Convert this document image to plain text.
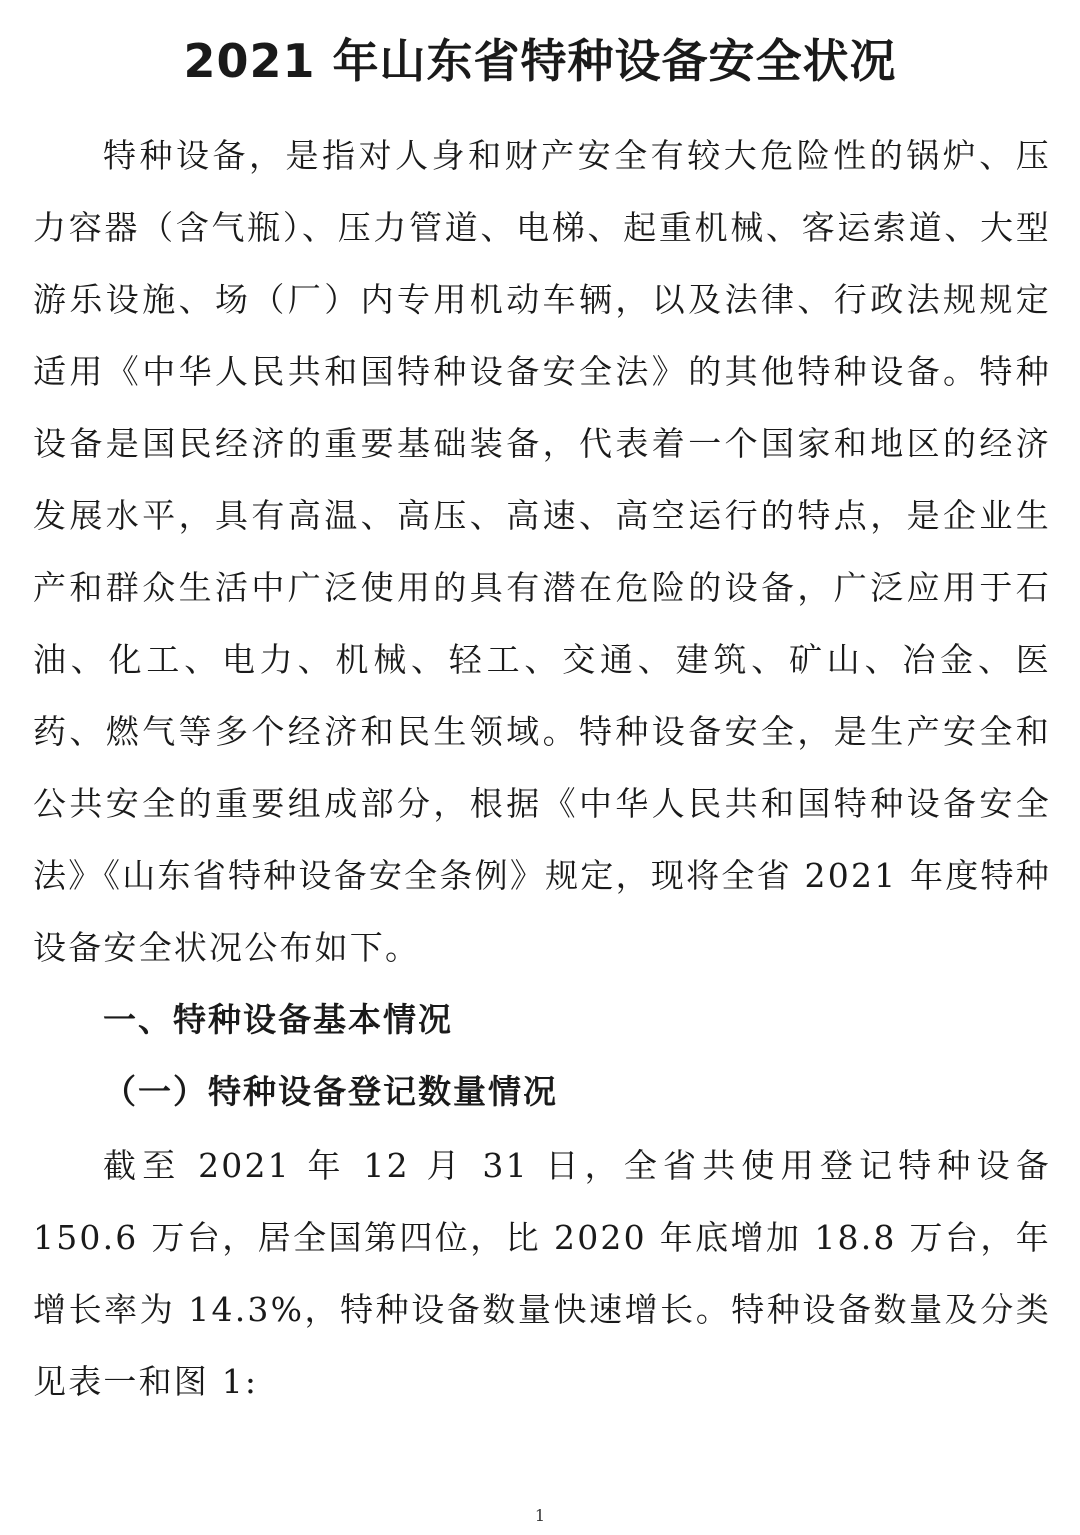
2021 年山东省特种设备安全状况

特种设备，是指对人身和财产安全有较大危险性的锅炉、压力容器（含气瓶）、压力管道、电梯、起重机械、客运索道、大型游乐设施、场（厂）内专用机动车辆，以及法律、行政法规规定适用《中华人民共和国特种设备安全法》的其他特种设备。特种设备是国民经济的重要基础装备，代表着一个国家和地区的经济发展水平，具有高温、高压、高速、高空运行的特点，是企业生产和群众生活中广泛使用的具有潜在危险的设备，广泛应用于石油、化工、电力、机械、轻工、交通、建筑、矿山、冶金、医药、燃气等多个经济和民生领域。特种设备安全，是生产安全和公共安全的重要组成部分，根据《中华人民共和国特种设备安全法》《山东省特种设备安全条例》规定，现将全省 2021 年度特种设备安全状况公布如下。

一、特种设备基本情况
（一）特种设备登记数量情况

截至 2021 年 12 月 31 日，全省共使用登记特种设备 150.6 万台，居全国第四位，比 2020 年底增加 18.8 万台，年增长率为 14.3%，特种设备数量快速增长。特种设备数量及分类见表一和图 1:

1
